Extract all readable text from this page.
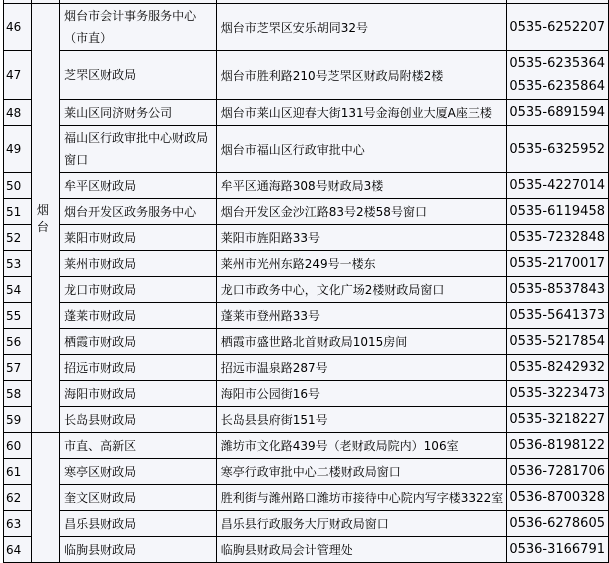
46	烟台	烟台市会计事务服务中心
（市直）	烟台市芝罘区安乐胡同32号	0535-6252207

47		芝罘区财政局	烟台市胜利路210号芝罘区财政局附楼2楼	0535-6235364
0535-6235864

48		莱山区同济财务公司	烟台市莱山区迎春大街131号金海创业大厦A座三楼	0535-6891594

49		福山区行政审批中心财政局
窗口	烟台市福山区行政审批中心	0535-6325952

50		牟平区财政局	牟平区通海路308号财政局3楼	0535-4227014

51		烟台开发区政务服务中心	烟台开发区金沙江路83号2楼58号窗口	0535-6119458

52		莱阳市财政局	莱阳市旌阳路33号	0535-7232848

53		莱州市财政局	莱州市光州东路249号一楼东	0535-2170017

54		龙口市财政局	龙口市政务中心，文化广场2楼财政局窗口	0535-8537843

55		蓬莱市财政局	蓬莱市登州路33号	0535-5641373

56		栖霞市财政局	栖霞市盛世路北首财政局1015房间	0535-5217854

57		招远市财政局	招远市温泉路287号	0535-8242932

58		海阳市财政局	海阳市公园街16号	0535-3223473

59		长岛县财政局	长岛县县府街151号	0535-3218227

60		市直、高新区	潍坊市文化路439号（老财政局院内）106室	0536-8198122

61		寒亭区财政局	寒亭行政审批中心二楼财政局窗口	0536-7281706

62		奎文区财政局	胜利街与潍州路口潍坊市接待中心院内写字楼3322室	0536-8700328

63		昌乐县财政局	昌乐县行政服务大厅财政局窗口	0536-6278605

64		临朐县财政局	临朐县财政局会计管理处	0536-3166791
